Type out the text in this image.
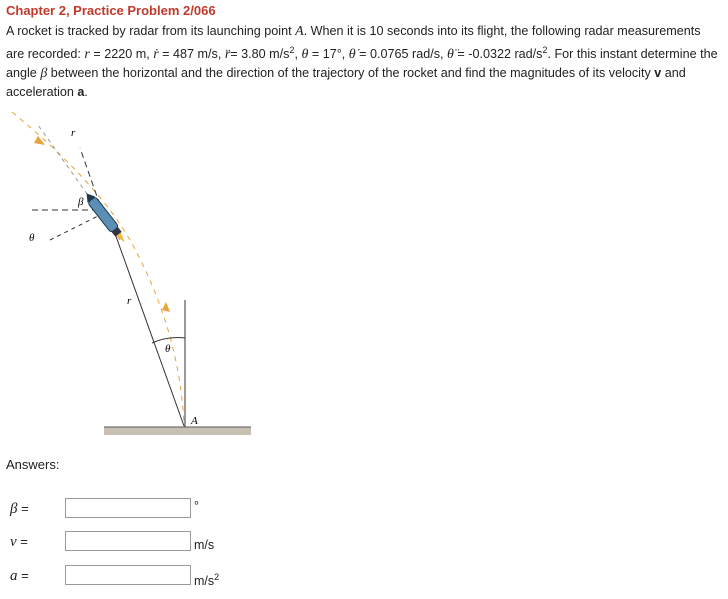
Chapter 2, Practice Problem 2/066
A rocket is tracked by radar from its launching point A. When it is 10 seconds into its flight, the following radar measurements are recorded: r = 2220 m, ṙ = 487 m/s, r̈= 3.80 $m/s^2$, θ = 17°, θ̇ = 0.0765 rad/s, θ̈ = -0.0322 rad/$s^2$. For this instant determine the angle β between the horizontal and the direction of the trajectory of the rocket and find the magnitudes of its velocity v and acceleration a.
r
β
θ
r
θ
A
Answers:
β =	°
v =	m/s
a =	$m/s^2$
